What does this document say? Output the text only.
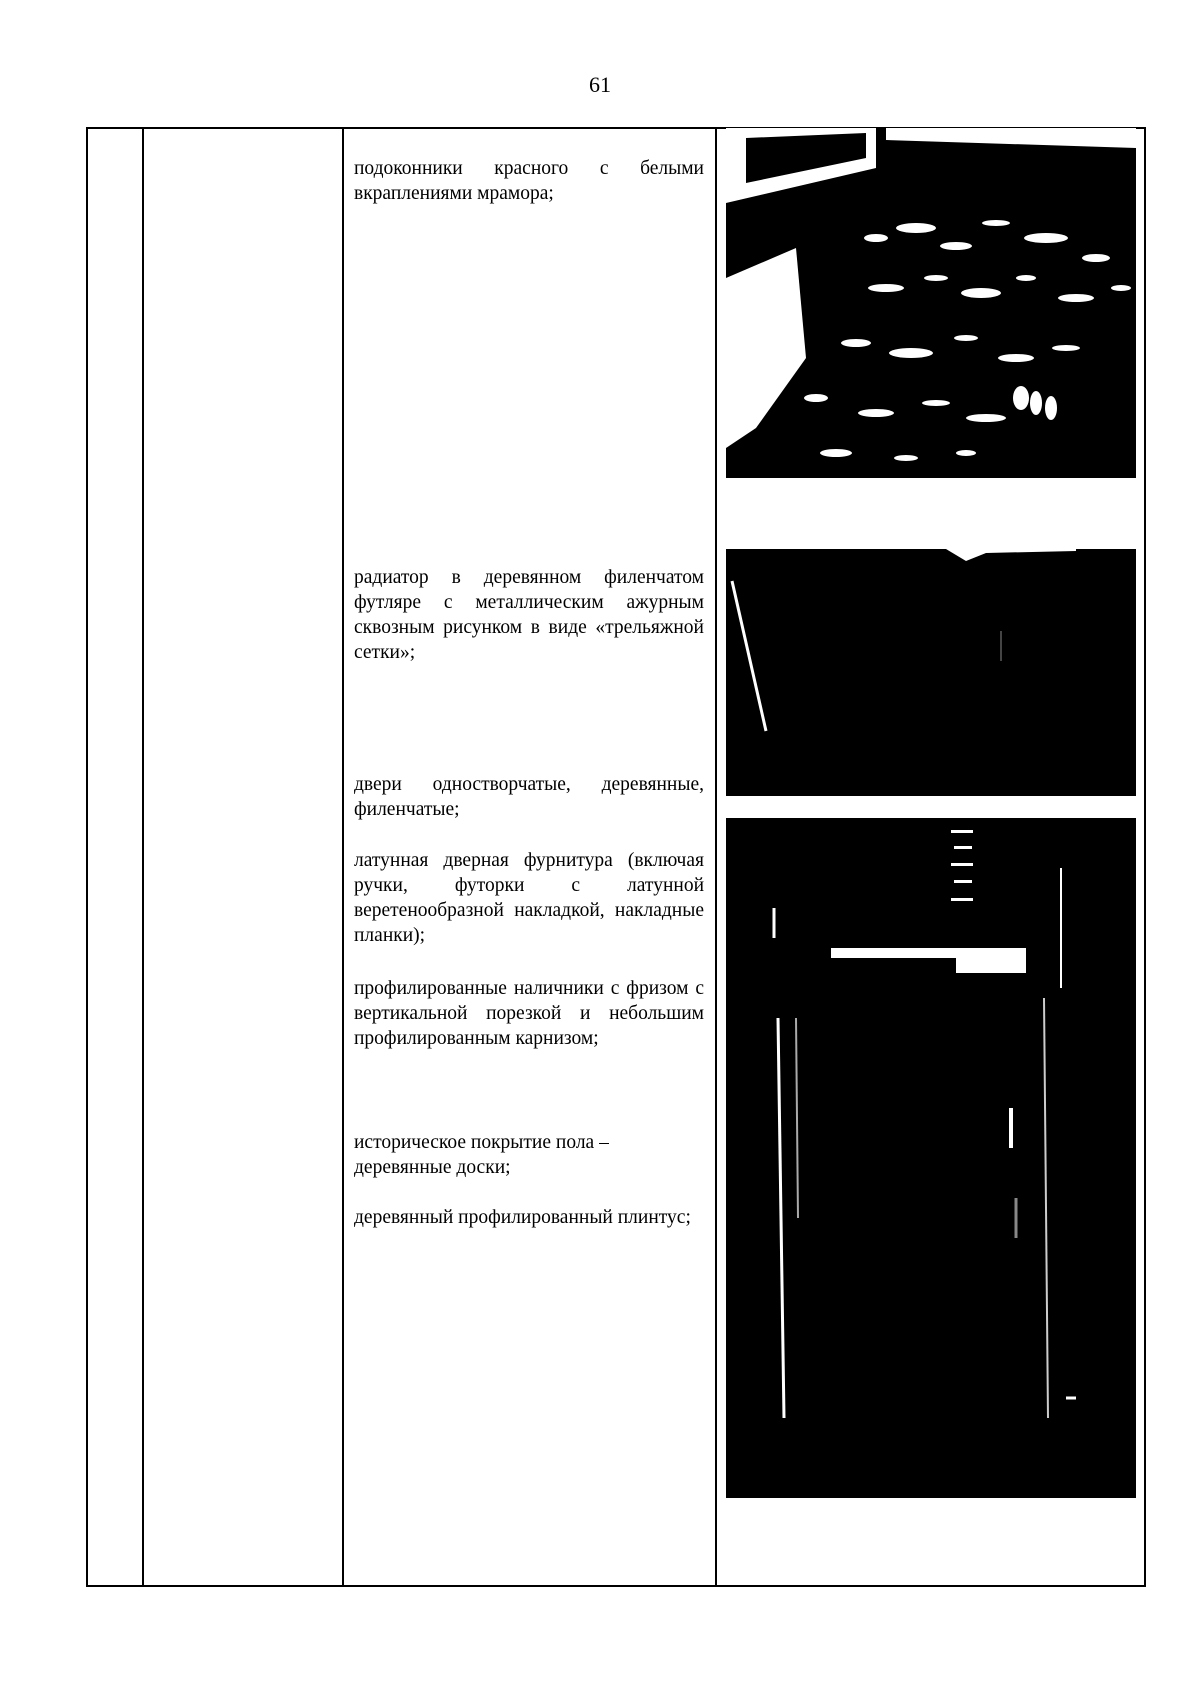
61
подоконники красного с белыми вкраплениями мрамора;
радиатор в деревянном филенчатом футляре с металлическим ажурным сквозным рисунком в виде «трельяжной сетки»;
двери одностворчатые, деревянные, филенчатые;
латунная дверная фурнитура (включая ручки, футорки с латунной веретенообразной накладкой, накладные планки);
профилированные наличники с фризом с вертикальной порезкой и небольшим профилированным карнизом;
историческое покрытие пола – деревянные доски;
деревянный профилированный плинтус;
